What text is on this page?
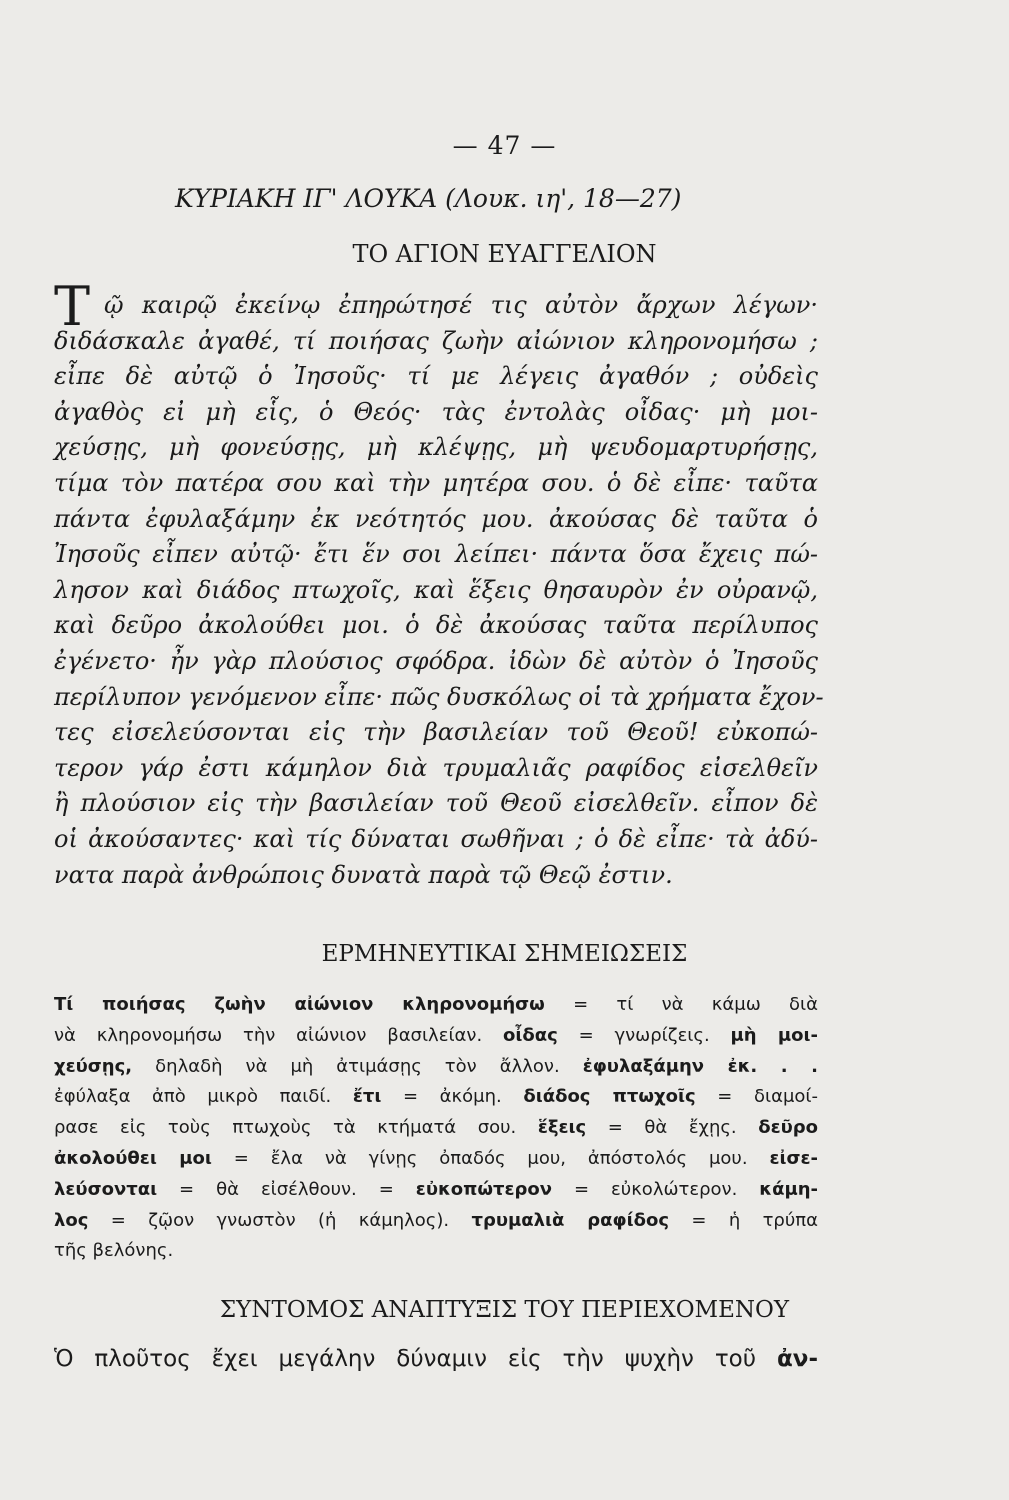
— 47 —
ΚΥΡΙΑΚΗ ΙΓ' ΛΟΥΚΑ (Λουκ. ιη', 18—27)
ΤΟ ΑΓΙΟΝ ΕΥΑΓΓΕΛΙΟΝ
Τ ῷ καιρῷ ἐκείνῳ ἐπηρώτησέ τις αὐτὸν ἄρχων λέγων·
διδάσκαλε ἀγαθέ, τί ποιήσας ζωὴν αἰώνιον κληρονομήσω ;
εἶπε δὲ αὐτῷ ὁ Ἰησοῦς· τί με λέγεις ἀγαθόν ; οὐδεὶς
ἀγαθὸς εἰ μὴ εἷς, ὁ Θεός· τὰς ἐντολὰς οἶδας· μὴ μοι-
χεύσῃς, μὴ φονεύσῃς, μὴ κλέψῃς, μὴ ψευδομαρτυρήσῃς,
τίμα τὸν πατέρα σου καὶ τὴν μητέρα σου. ὁ δὲ εἶπε· ταῦτα
πάντα ἐφυλαξάμην ἐκ νεότητός μου. ἀκούσας δὲ ταῦτα ὁ
Ἰησοῦς εἶπεν αὐτῷ· ἔτι ἕν σοι λείπει· πάντα ὅσα ἔχεις πώ-
λησον καὶ διάδος πτωχοῖς, καὶ ἕξεις θησαυρὸν ἐν οὐρανῷ,
καὶ δεῦρο ἀκολούθει μοι. ὁ δὲ ἀκούσας ταῦτα περίλυπος
ἐγένετο· ἦν γὰρ πλούσιος σφόδρα. ἰδὼν δὲ αὐτὸν ὁ Ἰησοῦς
περίλυπον γενόμενον εἶπε· πῶς δυσκόλως οἱ τὰ χρήματα ἔχον-
τες εἰσελεύσονται εἰς τὴν βασιλείαν τοῦ Θεοῦ! εὐκοπώ-
τερον γάρ ἐστι κάμηλον διὰ τρυμαλιᾶς ραφίδος εἰσελθεῖν
ἢ πλούσιον εἰς τὴν βασιλείαν τοῦ Θεοῦ εἰσελθεῖν. εἶπον δὲ
οἱ ἀκούσαντες· καὶ τίς δύναται σωθῆναι ; ὁ δὲ εἶπε· τὰ ἀδύ-
νατα παρὰ ἀνθρώποις δυνατὰ παρὰ τῷ Θεῷ ἐστιν.
ΕΡΜΗΝΕΥΤΙΚΑΙ ΣΗΜΕΙΩΣΕΙΣ
Τί ποιήσας ζωὴν αἰώνιον κληρονομήσω = τί νὰ κάμω διὰ
νὰ κληρονομήσω τὴν αἰώνιον βασιλείαν. οἶδας = γνωρίζεις. μὴ μοι-
χεύσῃς, δηλαδὴ νὰ μὴ ἀτιμάσῃς τὸν ἄλλον. ἐφυλαξάμην ἐκ. . .
ἐφύλαξα ἀπὸ μικρὸ παιδί. ἔτι = ἀκόμη. διάδος πτωχοῖς = διαμοί-
ρασε εἰς τοὺς πτωχοὺς τὰ κτήματά σου. ἕξεις = θὰ ἔχῃς. δεῦρο
ἀκολούθει μοι = ἔλα νὰ γίνῃς ὀπαδός μου, ἀπόστολός μου. εἰσε-
λεύσονται = θὰ εἰσέλθουν. = εὐκοπώτερον = εὐκολώτερον. κάμη-
λος = ζῷον γνωστὸν (ἡ κάμηλος). τρυμαλιὰ ραφίδος = ἡ τρύπα
τῆς βελόνης.
ΣΥΝΤΟΜΟΣ ΑΝΑΠΤΥΞΙΣ ΤΟΥ ΠΕΡΙΕΧΟΜΕΝΟΥ
Ὁ πλοῦτος ἔχει μεγάλην δύναμιν εἰς τὴν ψυχὴν τοῦ ἀν-
